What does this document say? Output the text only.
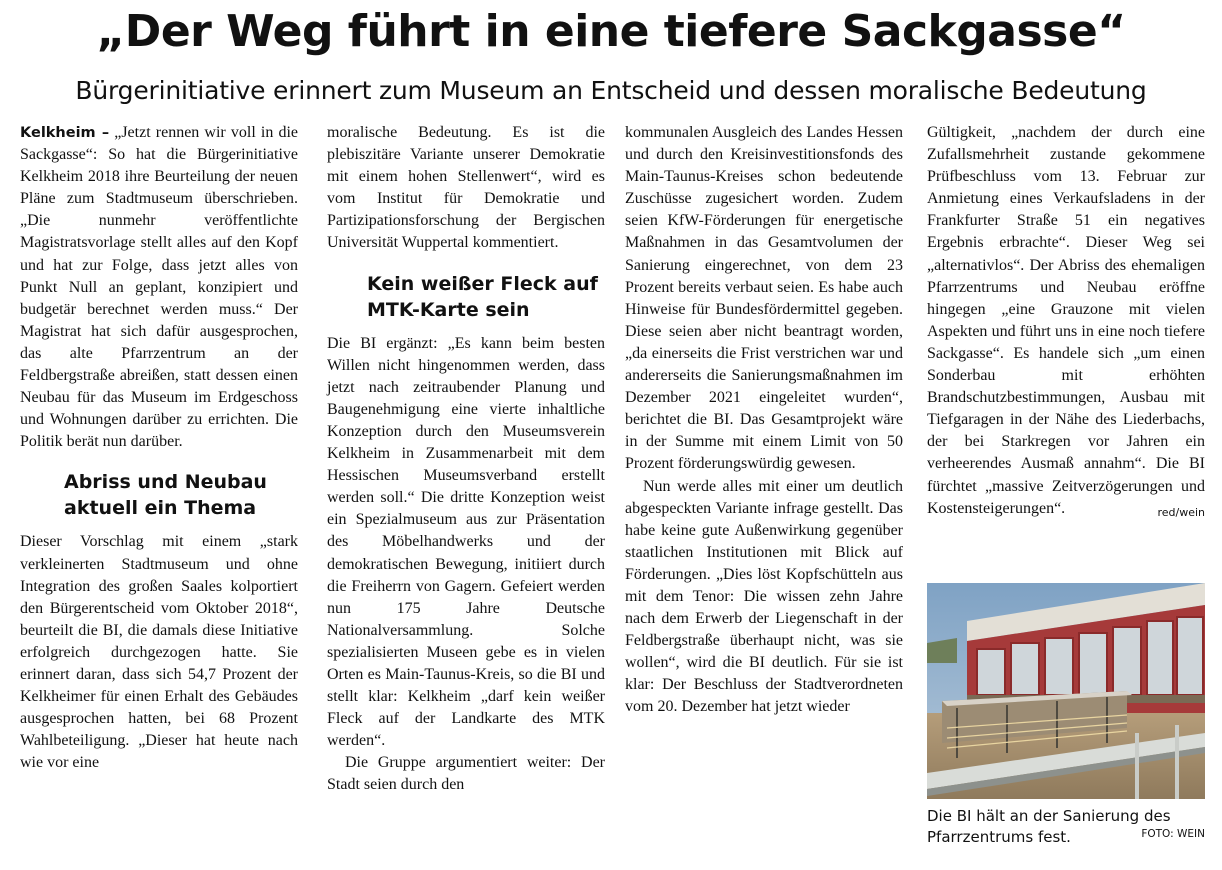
„Der Weg führt in eine tiefere Sackgasse“
Bürgerinitiative erinnert zum Museum an Entscheid und dessen moralische Bedeutung

Kelkheim – „Jetzt rennen wir voll in die Sackgasse“: So hat die Bürgerinitiative Kelkheim 2018 ihre Beurteilung der neuen Pläne zum Stadtmuseum überschrieben. „Die nunmehr veröffentlichte Magistratsvorlage stellt alles auf den Kopf und hat zur Folge, dass jetzt alles von Punkt Null an geplant, konzipiert und budgetär berechnet werden muss.“ Der Magistrat hat sich dafür ausgesprochen, das alte Pfarrzentrum an der Feldbergstraße abreißen, statt dessen einen Neubau für das Museum im Erdgeschoss und Wohnungen darüber zu errichten. Die Politik berät nun darüber.

Abriss und Neubau aktuell ein Thema

Dieser Vorschlag mit einem „stark verkleinerten Stadtmuseum und ohne Integration des großen Saales kolportiert den Bürgerentscheid vom Oktober 2018“, beurteilt die BI, die damals diese Initiative erfolgreich durchgezogen hatte. Sie erinnert daran, dass sich 54,7 Prozent der Kelkheimer für einen Erhalt des Gebäudes ausgesprochen hatten, bei 68 Prozent Wahlbeteiligung. „Dieser hat heute nach wie vor eine

moralische Bedeutung. Es ist die plebiszitäre Variante unserer Demokratie mit einem hohen Stellenwert“, wird es vom Institut für Demokratie und Partizipationsforschung der Bergischen Universität Wuppertal kommentiert.

Kein weißer Fleck auf MTK-Karte sein

Die BI ergänzt: „Es kann beim besten Willen nicht hingenommen werden, dass jetzt nach zeitraubender Planung und Baugenehmigung eine vierte inhaltliche Konzeption durch den Museumsverein Kelkheim in Zusammenarbeit mit dem Hessischen Museumsverband erstellt werden soll.“ Die dritte Konzeption weist ein Spezialmuseum aus zur Präsentation des Möbelhandwerks und der demokratischen Bewegung, initiiert durch die Freiherrn von Gagern. Gefeiert werden nun 175 Jahre Deutsche Nationalversammlung. Solche spezialisierten Museen gebe es in vielen Orten es Main-Taunus-Kreis, so die BI und stellt klar: Kelkheim „darf kein weißer Fleck auf der Landkarte des MTK werden“.

Die Gruppe argumentiert weiter: Der Stadt seien durch den

kommunalen Ausgleich des Landes Hessen und durch den Kreisinvestitionsfonds des Main-Taunus-Kreises schon bedeutende Zuschüsse zugesichert worden. Zudem seien KfW-Förderungen für energetische Maßnahmen in das Gesamtvolumen der Sanierung eingerechnet, von dem 23 Prozent bereits verbaut seien. Es habe auch Hinweise für Bundesfördermittel gegeben. Diese seien aber nicht beantragt worden, „da einerseits die Frist verstrichen war und andererseits die Sanierungsmaßnahmen im Dezember 2021 eingeleitet wurden“, berichtet die BI. Das Gesamtprojekt wäre in der Summe mit einem Limit von 50 Prozent förderungswürdig gewesen.

Nun werde alles mit einer um deutlich abgespeckten Variante infrage gestellt. Das habe keine gute Außenwirkung gegenüber staatlichen Institutionen mit Blick auf Förderungen. „Dies löst Kopfschütteln aus mit dem Tenor: Die wissen zehn Jahre nach dem Erwerb der Liegenschaft in der Feldbergstraße überhaupt nicht, was sie wollen“, wird die BI deutlich. Für sie ist klar: Der Beschluss der Stadtverordneten vom 20. Dezember hat jetzt wieder

Gültigkeit, „nachdem der durch eine Zufallsmehrheit zustande gekommene Prüfbeschluss vom 13. Februar zur Anmietung eines Verkaufsladens in der Frankfurter Straße 51 ein negatives Ergebnis erbrachte“. Dieser Weg sei „alternativlos“. Der Abriss des ehemaligen Pfarrzentrums und Neubau eröffne hingegen „eine Grauzone mit vielen Aspekten und führt uns in eine noch tiefere Sackgasse“. Es handele sich „um einen Sonderbau mit erhöhten Brandschutzbestimmungen, Ausbau mit Tiefgaragen in der Nähe des Liederbachs, der bei Starkregen vor Jahren ein verheerendes Ausmaß annahm“. Die BI fürchtet „massive Zeitverzögerungen und Kostensteigerungen“.	red/wein

Die BI hält an der Sanierung des Pfarrzentrums fest.	FOTO: WEIN
